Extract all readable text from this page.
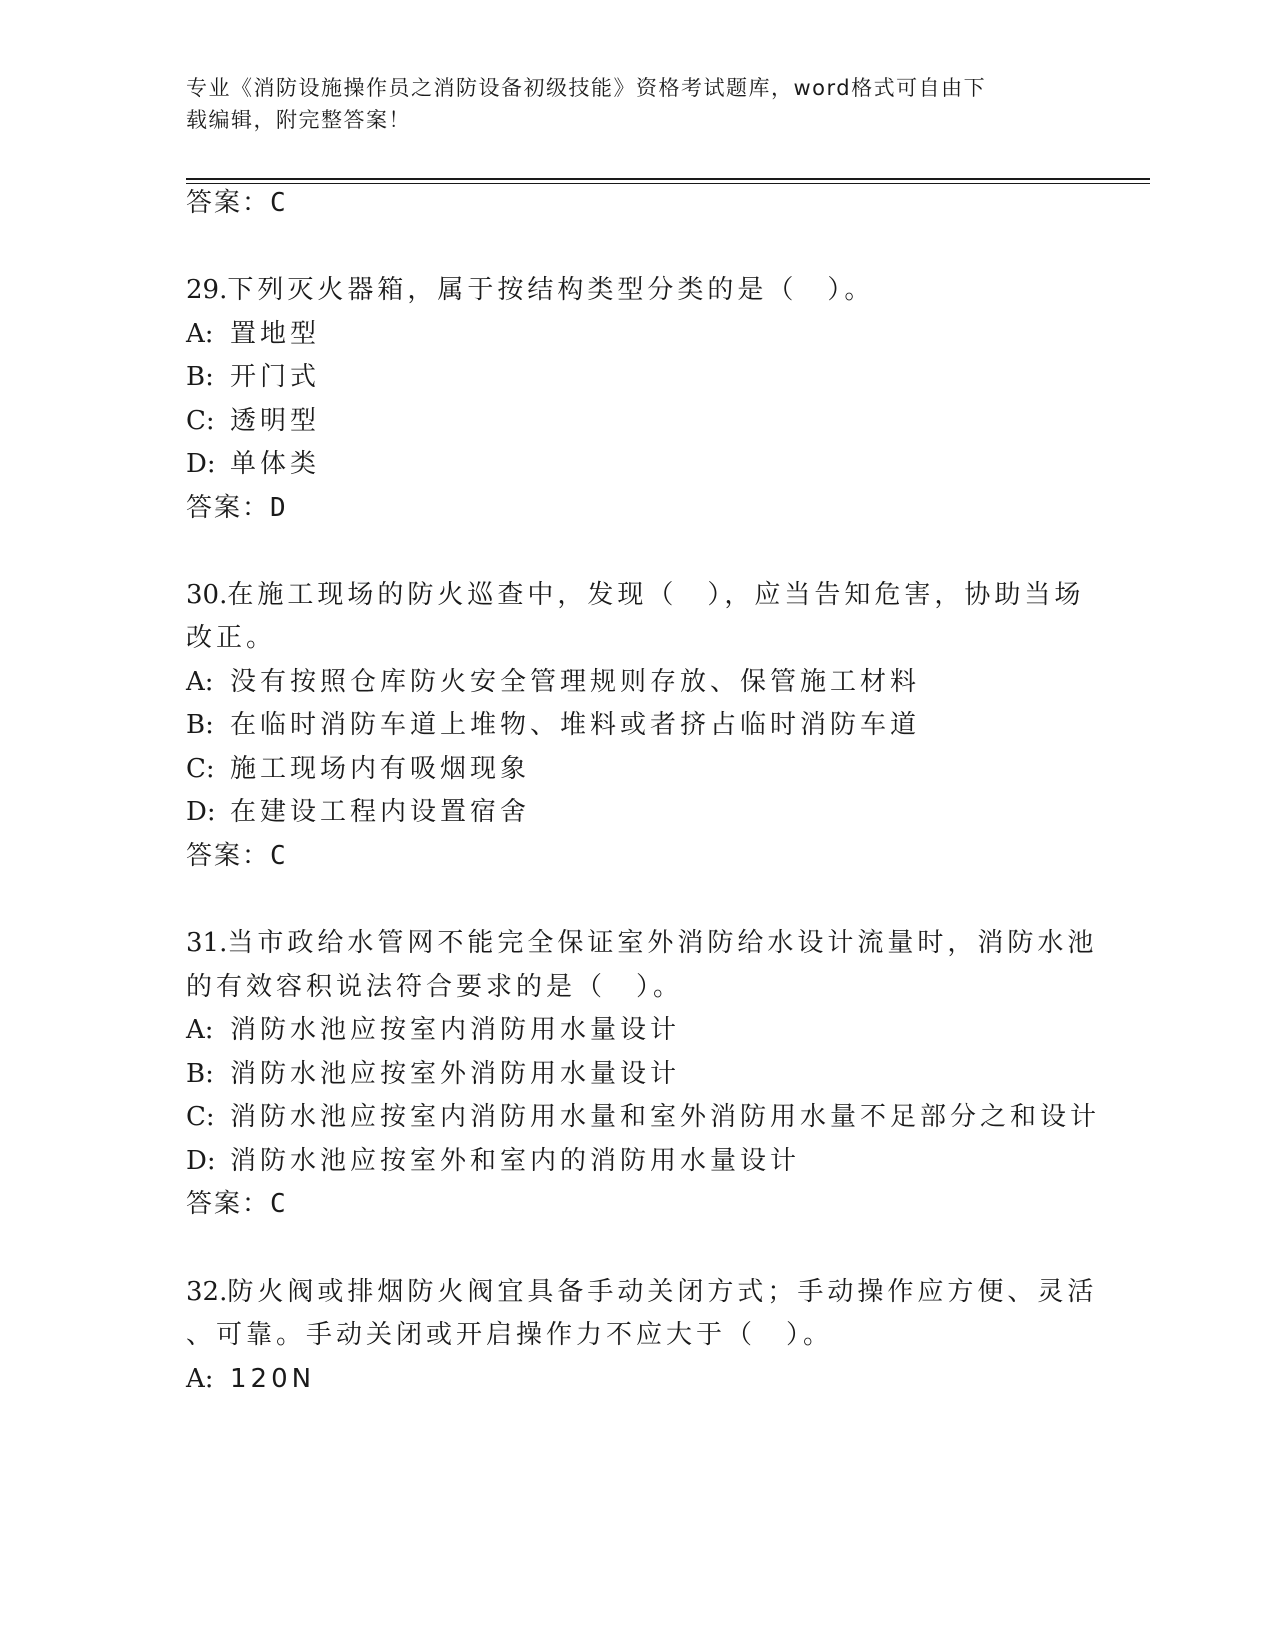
专业《消防设施操作员之消防设备初级技能》资格考试题库，word格式可自由下
载编辑，附完整答案！
答案：C
29.下列灭火器箱，属于按结构类型分类的是（　）。
A: 置地型
B: 开门式
C: 透明型
D: 单体类
答案：D
30.在施工现场的防火巡查中，发现（　），应当告知危害，协助当场
改正。
A: 没有按照仓库防火安全管理规则存放、保管施工材料
B: 在临时消防车道上堆物、堆料或者挤占临时消防车道
C: 施工现场内有吸烟现象
D: 在建设工程内设置宿舍
答案：C
31.当市政给水管网不能完全保证室外消防给水设计流量时，消防水池
的有效容积说法符合要求的是（　）。
A: 消防水池应按室内消防用水量设计
B: 消防水池应按室外消防用水量设计
C: 消防水池应按室内消防用水量和室外消防用水量不足部分之和设计
D: 消防水池应按室外和室内的消防用水量设计
答案：C
32.防火阀或排烟防火阀宜具备手动关闭方式；手动操作应方便、灵活
、可靠。手动关闭或开启操作力不应大于（　）。
A: 120N
